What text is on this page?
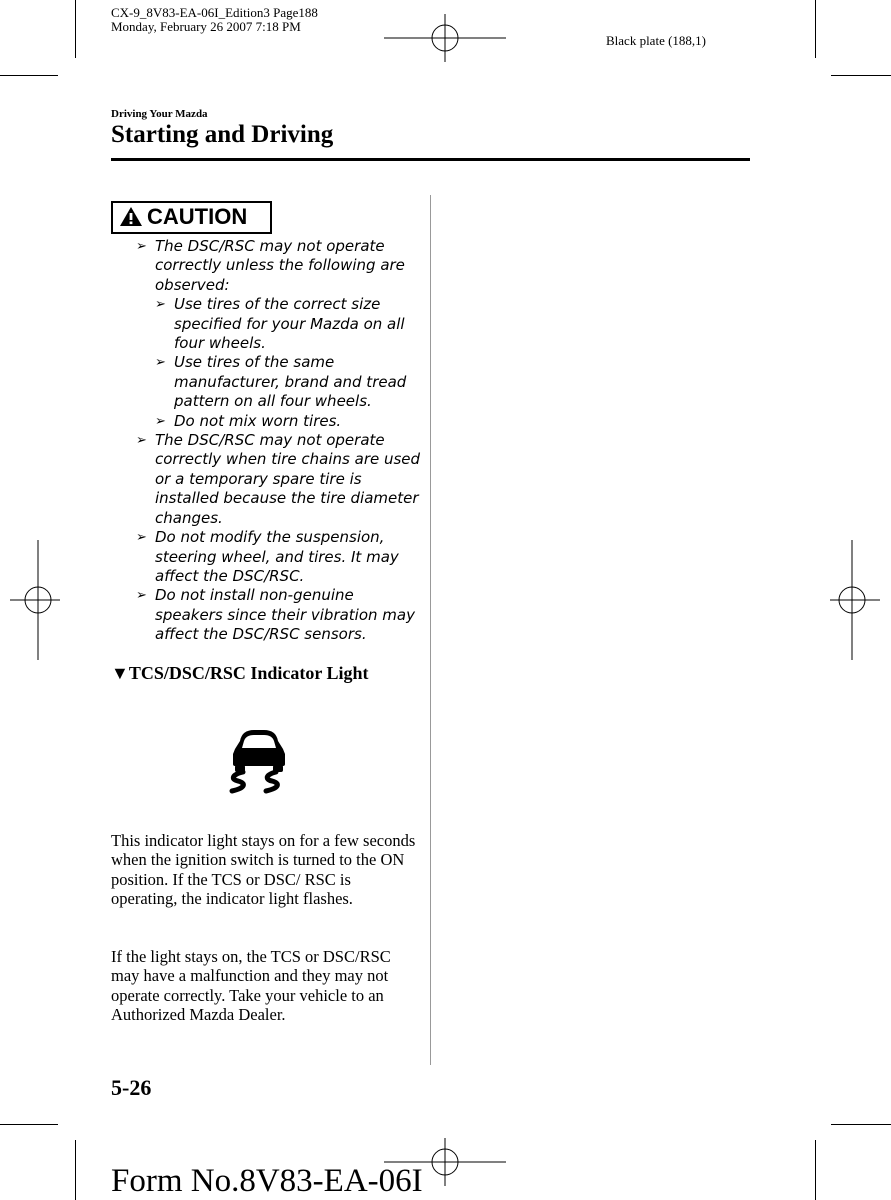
CX-9_8V83-EA-06I_Edition3 Page188
Monday, February 26 2007 7:18 PM
Black plate (188,1)
Driving Your Mazda
Starting and Driving
CAUTION
➢ The DSC/RSC may not operate correctly unless the following are observed:
➢ Use tires of the correct size specified for your Mazda on all four wheels.
➢ Use tires of the same manufacturer, brand and tread pattern on all four wheels.
➢ Do not mix worn tires.
➢ The DSC/RSC may not operate correctly when tire chains are used or a temporary spare tire is installed because the tire diameter changes.
➢ Do not modify the suspension, steering wheel, and tires. It may affect the DSC/RSC.
➢ Do not install non-genuine speakers since their vibration may affect the DSC/RSC sensors.
▼TCS/DSC/RSC Indicator Light

This indicator light stays on for a few seconds when the ignition switch is turned to the ON position. If the TCS or DSC/ RSC is operating, the indicator light flashes.

If the light stays on, the TCS or DSC/RSC may have a malfunction and they may not operate correctly. Take your vehicle to an Authorized Mazda Dealer.

5-26
Form No.8V83-EA-06I
